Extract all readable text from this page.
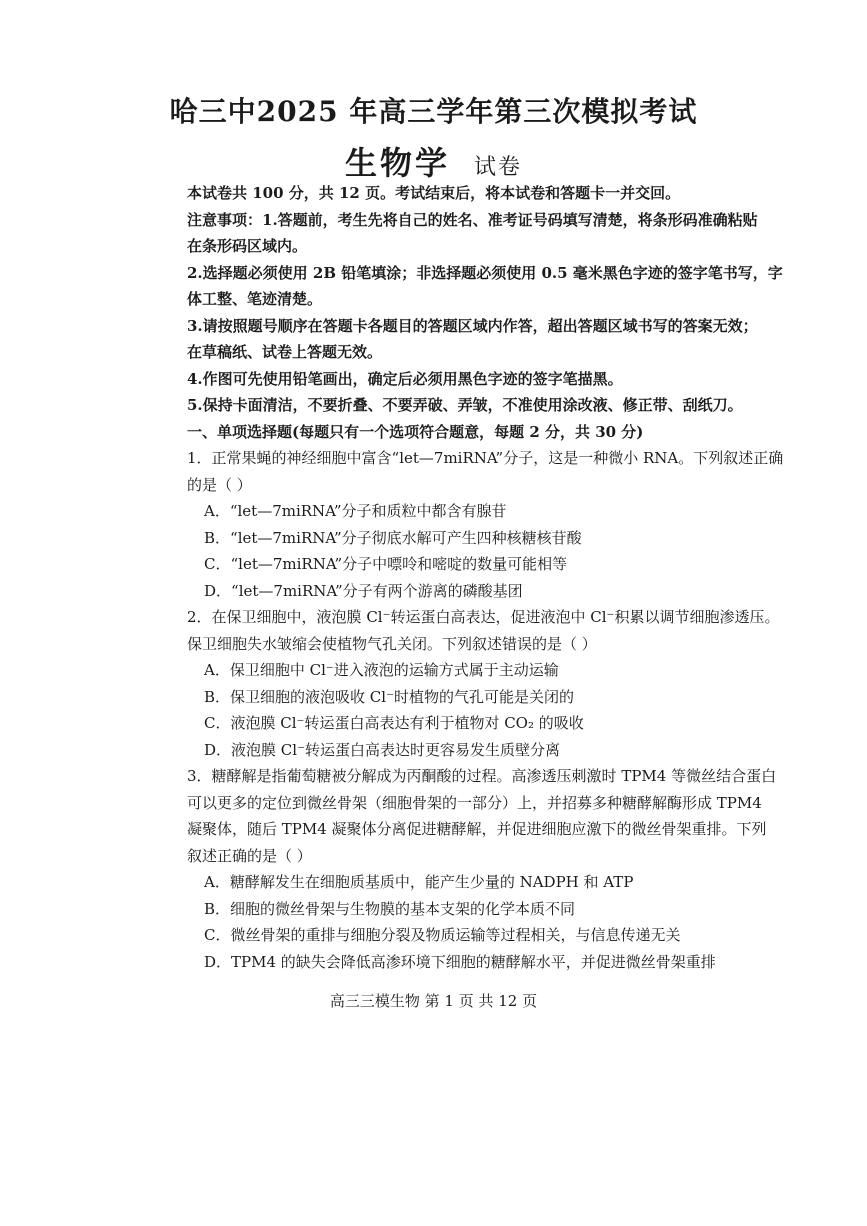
哈三中2025 年高三学年第三次模拟考试
生物学 试卷

本试卷共 100 分，共 12 页。考试结束后，将本试卷和答题卡一并交回。

注意事项：1.答题前，考生先将自己的姓名、准考证号码填写清楚，将条形码准确粘贴

在条形码区域内。

2.选择题必须使用 2B 铅笔填涂；非选择题必须使用 0.5 毫米黑色字迹的签字笔书写，字

体工整、笔迹清楚。

3.请按照题号顺序在答题卡各题目的答题区域内作答，超出答题区域书写的答案无效；

在草稿纸、试卷上答题无效。

4.作图可先使用铅笔画出，确定后必须用黑色字迹的签字笔描黑。

5.保持卡面清洁，不要折叠、不要弄破、弄皱，不准使用涂改液、修正带、刮纸刀。

一、单项选择题(每题只有一个选项符合题意，每题 2 分，共 30 分)

1．正常果蝇的神经细胞中富含“let—7miRNA”分子，这是一种微小 RNA。下列叙述正确

的是（ ）

A．“let—7miRNA”分子和质粒中都含有腺苷

B．“let—7miRNA”分子彻底水解可产生四种核糖核苷酸

C．“let—7miRNA”分子中嘌呤和嘧啶的数量可能相等

D．“let—7miRNA”分子有两个游离的磷酸基团

2．在保卫细胞中，液泡膜 Cl⁻转运蛋白高表达，促进液泡中 Cl⁻积累以调节细胞渗透压。

保卫细胞失水皱缩会使植物气孔关闭。下列叙述错误的是（ ）

A．保卫细胞中 Cl⁻进入液泡的运输方式属于主动运输

B．保卫细胞的液泡吸收 Cl⁻时植物的气孔可能是关闭的

C．液泡膜 Cl⁻转运蛋白高表达有利于植物对 CO₂ 的吸收

D．液泡膜 Cl⁻转运蛋白高表达时更容易发生质壁分离

3．糖酵解是指葡萄糖被分解成为丙酮酸的过程。高渗透压刺激时 TPM4 等微丝结合蛋白

可以更多的定位到微丝骨架（细胞骨架的一部分）上，并招募多种糖酵解酶形成 TPM4

凝聚体，随后 TPM4 凝聚体分离促进糖酵解，并促进细胞应激下的微丝骨架重排。下列

叙述正确的是（ ）

A．糖酵解发生在细胞质基质中，能产生少量的 NADPH 和 ATP

B．细胞的微丝骨架与生物膜的基本支架的化学本质不同

C．微丝骨架的重排与细胞分裂及物质运输等过程相关，与信息传递无关

D．TPM4 的缺失会降低高渗环境下细胞的糖酵解水平，并促进微丝骨架重排

高三三模生物 第 1 页 共 12 页
